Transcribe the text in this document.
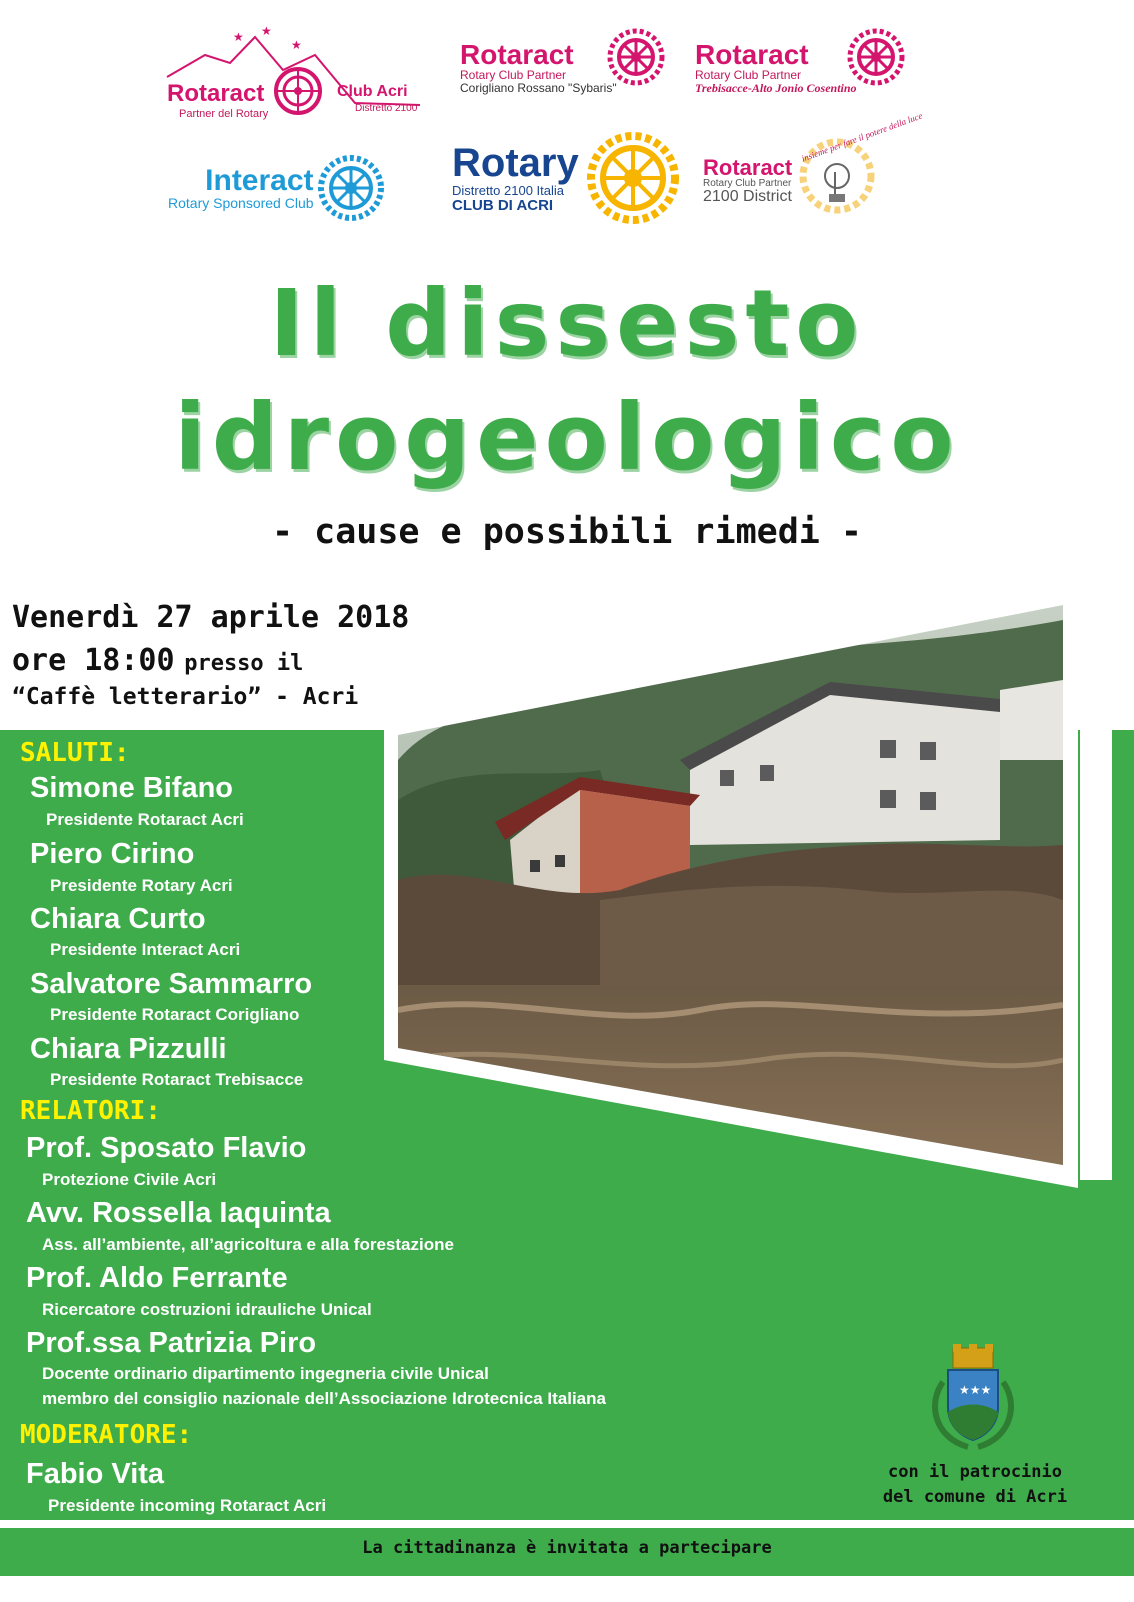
★ ★
★
Rotaract
Partner del Rotary
Club Acri
Distretto 2100
Rotaract
Rotary Club Partner
Corigliano Rossano "Sybaris"
Rotaract
Rotary Club Partner
Trebisacce-Alto Jonio Cosentino
Interact
Rotary Sponsored Club
Rotary
Distretto 2100 Italia
CLUB DI ACRI
Rotaract
Rotary Club Partner
2100 District
insieme per fare il potere della luce
Il dissesto
idrogeologico
- cause e possibili rimedi -
Venerdì 27 aprile 2018
ore 18:00 presso il
“Caffè letterario” - Acri
SALUTI:
Simone Bifano
Presidente Rotaract Acri
Piero Cirino
Presidente Rotary Acri
Chiara Curto
Presidente Interact Acri
Salvatore Sammarro
Presidente Rotaract Corigliano
Chiara Pizzulli
Presidente Rotaract Trebisacce
RELATORI:
Prof. Sposato Flavio
Protezione Civile Acri
Avv. Rossella Iaquinta
Ass. all’ambiente, all’agricoltura e alla forestazione
Prof. Aldo Ferrante
Ricercatore costruzioni idrauliche Unical
Prof.ssa Patrizia Piro
Docente ordinario dipartimento ingegneria civile Unical
membro del consiglio nazionale dell’Associazione Idrotecnica Italiana
MODERATORE:
Fabio Vita
Presidente incoming Rotaract Acri
★★★
con il patrocinio
del comune di Acri
La cittadinanza è invitata a partecipare
